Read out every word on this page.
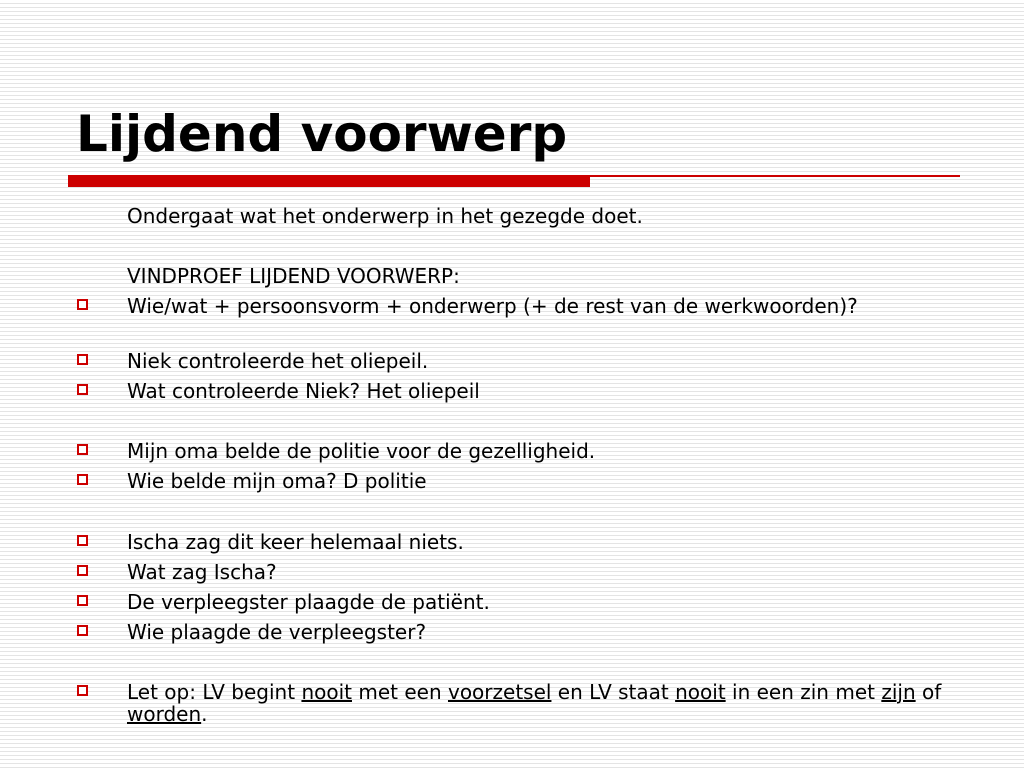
Lijdend voorwerp
Ondergaat wat het onderwerp in het gezegde doet.
VINDPROEF LIJDEND VOORWERP:
Wie/wat + persoonsvorm + onderwerp (+ de rest van de werkwoorden)?
Niek controleerde het oliepeil.
Wat controleerde Niek? Het oliepeil
Mijn oma belde de politie voor de gezelligheid.
Wie belde mijn oma? D politie
Ischa zag dit keer helemaal niets.
Wat zag Ischa?
De verpleegster plaagde de patiënt.
Wie plaagde de verpleegster?
Let op: LV begint nooit met een voorzetsel en LV staat nooit in een zin met zijn of worden.
